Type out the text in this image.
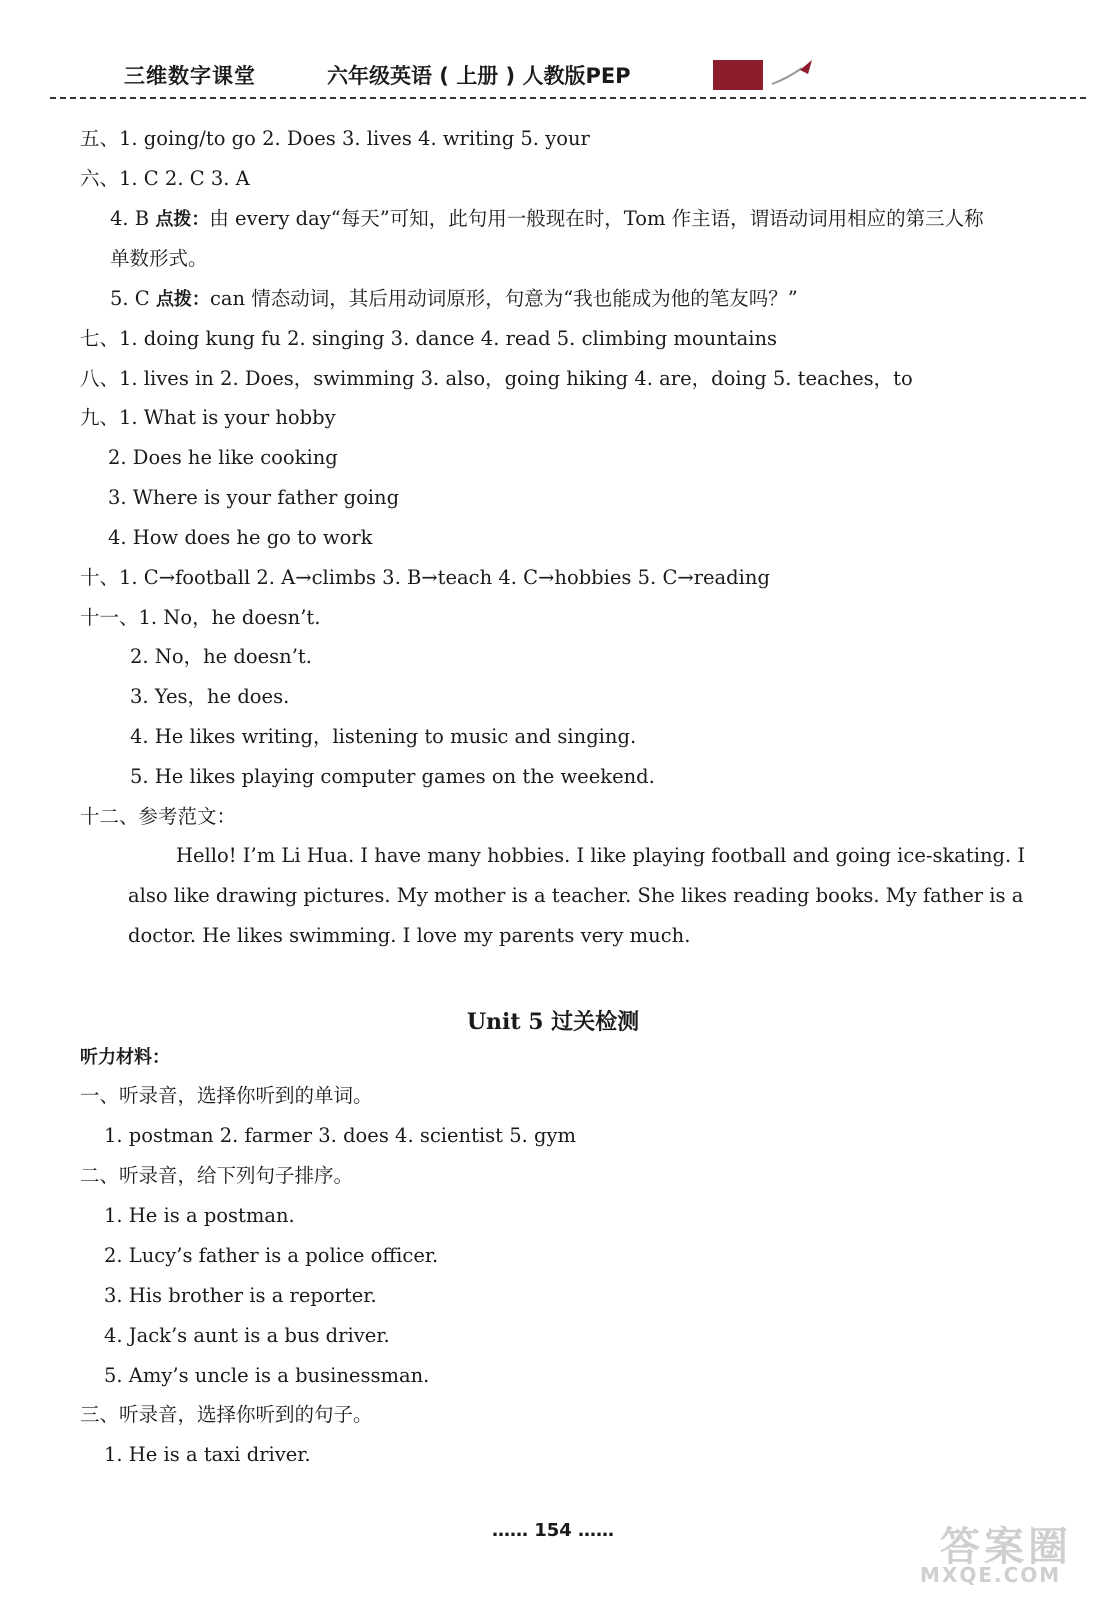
三维数字课堂	六年级英语 ( 上册 ) 人教版PEP
五、1. going/to go 2. Does 3. lives 4. writing 5. your
六、1. C 2. C 3. A
4. B 点拨：由 every day“每天”可知，此句用一般现在时，Tom 作主语，谓语动词用相应的第三人称
单数形式。
5. C 点拨：can 情态动词，其后用动词原形，句意为“我也能成为他的笔友吗？”
七、1. doing kung fu 2. singing 3. dance 4. read 5. climbing mountains
八、1. lives in 2. Does，swimming 3. also，going hiking 4. are，doing 5. teaches，to
九、1. What is your hobby
2. Does he like cooking
3. Where is your father going
4. How does he go to work
十、1. C→football 2. A→climbs 3. B→teach 4. C→hobbies 5. C→reading
十一、1. No，he doesn’t.
2. No，he doesn’t.
3. Yes，he does.
4. He likes writing，listening to music and singing.
5. He likes playing computer games on the weekend.
十二、参考范文：
Hello! I’m Li Hua. I have many hobbies. I like playing football and going ice-skating. I also like drawing pictures. My mother is a teacher. She likes reading books. My father is a doctor. He likes swimming. I love my parents very much.
Unit 5 过关检测
听力材料：
一、听录音，选择你听到的单词。
1. postman 2. farmer 3. does 4. scientist 5. gym
二、听录音，给下列句子排序。
1. He is a postman.
2. Lucy’s father is a police officer.
3. His brother is a reporter.
4. Jack’s aunt is a bus driver.
5. Amy’s uncle is a businessman.
三、听录音，选择你听到的句子。
1. He is a taxi driver.
…… 154 ……	答案圈
MXQE.COM
